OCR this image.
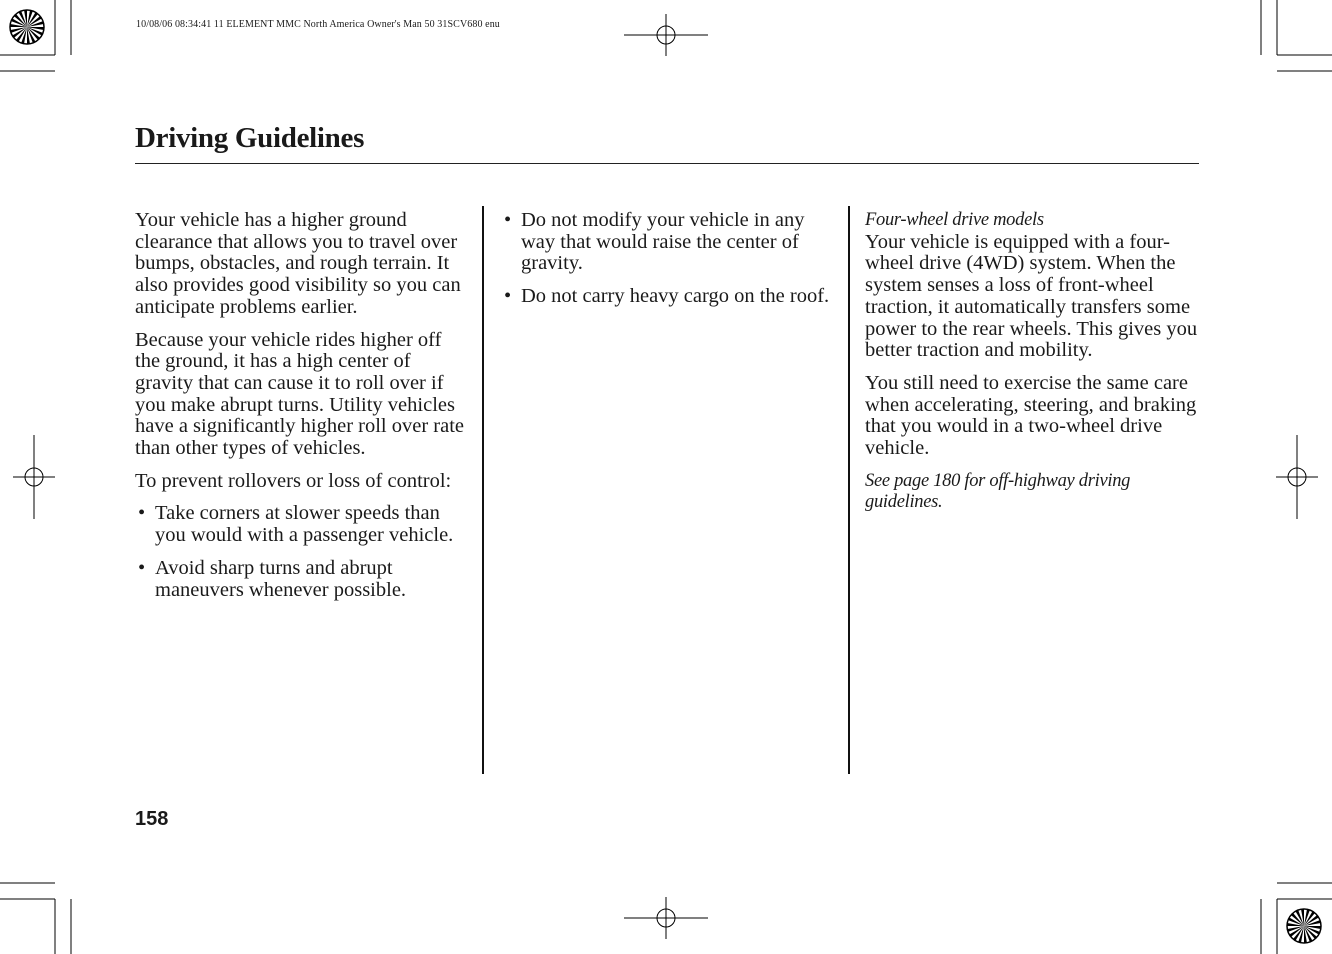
10/08/06 08:34:41 11 ELEMENT MMC North America Owner's Man 50 31SCV680 enu
Driving Guidelines

Your vehicle has a higher ground clearance that allows you to travel over bumps, obstacles, and rough terrain. It also provides good visibility so you can anticipate problems earlier.

Because your vehicle rides higher off the ground, it has a high center of gravity that can cause it to roll over if you make abrupt turns. Utility vehicles have a significantly higher roll over rate than other types of vehicles.

To prevent rollovers or loss of control:

• Take corners at slower speeds than you would with a passenger vehicle.
• Avoid sharp turns and abrupt maneuvers whenever possible.
• Do not modify your vehicle in any way that would raise the center of gravity.
• Do not carry heavy cargo on the roof.
Four-wheel drive models

Your vehicle is equipped with a four-wheel drive (4WD) system. When the system senses a loss of front-wheel traction, it automatically transfers some power to the rear wheels. This gives you better traction and mobility.

You still need to exercise the same care when accelerating, steering, and braking that you would in a two-wheel drive vehicle.

See page 180 for off-highway driving guidelines.

158
